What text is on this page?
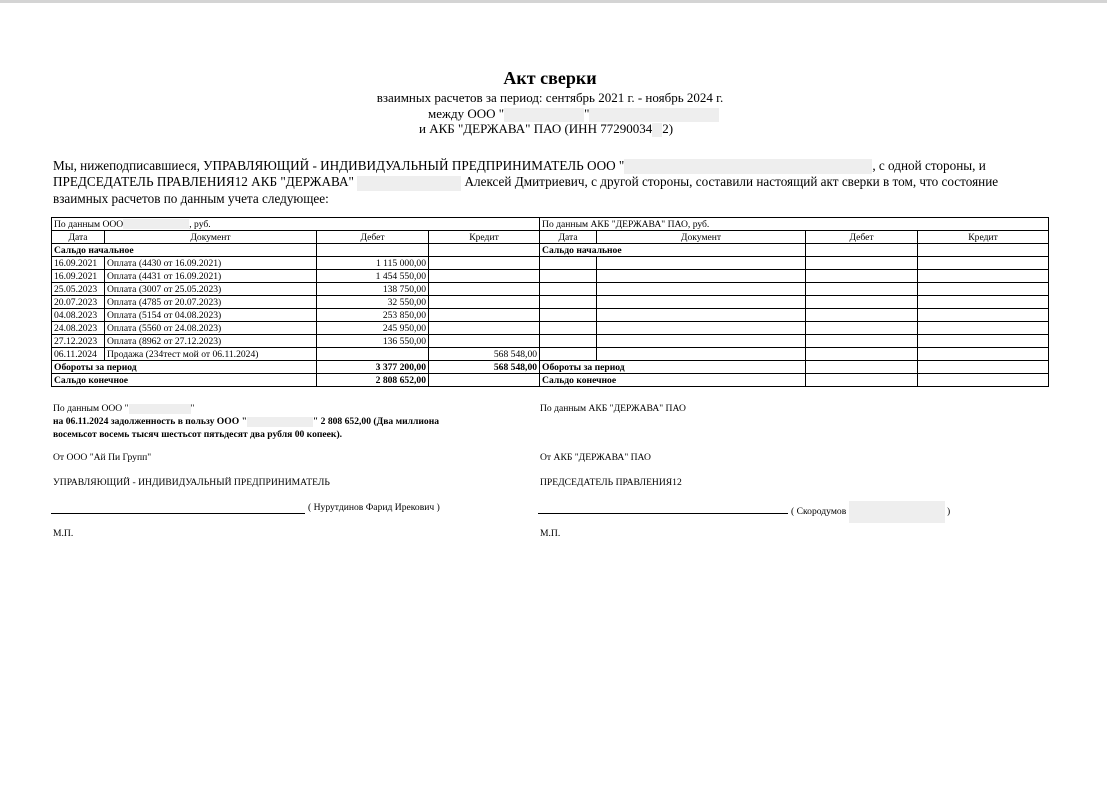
Акт сверки
взаимных расчетов за период: сентябрь 2021 г. - ноябрь 2024 г.
между ООО "	"
и АКБ "ДЕРЖАВА" ПАО (ИНН 77290034 2)
Мы, нижеподписавшиеся, УПРАВЛЯЮЩИЙ - ИНДИВИДУАЛЬНЫЙ ПРЕДПРИНИМАТЕЛЬ ООО "	, с одной стороны, и
ПРЕДСЕДАТЕЛЬ ПРАВЛЕНИЯ12 АКБ "ДЕРЖАВА"	Алексей Дмитриевич, с другой стороны, составили настоящий акт сверки в том, что состояние взаимных расчетов по данным учета следующее:
По данным ООО , руб.				По данным АКБ "ДЕРЖАВА" ПАО, руб.			
Дата	Документ	Дебет	Кредит	Дата	Документ	Дебет	Кредит
Сальдо начальное				Сальдо начальное			
16.09.2021	Оплата (4430 от 16.09.2021)	1 115 000,00					
16.09.2021	Оплата (4431 от 16.09.2021)	1 454 550,00					
25.05.2023	Оплата (3007 от 25.05.2023)	138 750,00					
20.07.2023	Оплата (4785 от 20.07.2023)	32 550,00					
04.08.2023	Оплата (5154 от 04.08.2023)	253 850,00					
24.08.2023	Оплата (5560 от 24.08.2023)	245 950,00					
27.12.2023	Оплата (8962 от 27.12.2023)	136 550,00					
06.11.2024	Продажа (234тест мой от 06.11.2024)		568 548,00				
Обороты за период		3 377 200,00	568 548,00	Обороты за период			
Сальдо конечное		2 808 652,00		Сальдо конечное			
По данным ООО "	"
на 06.11.2024 задолженность в пользу ООО "	" 2 808 652,00 (Два миллиона
восемьсот восемь тысяч шестьсот пятьдесят два рубля 00 копеек).
По данным АКБ "ДЕРЖАВА" ПАО
От ООО "Ай Пи Групп"	От АКБ "ДЕРЖАВА" ПАО
УПРАВЛЯЮЩИЙ - ИНДИВИДУАЛЬНЫЙ ПРЕДПРИНИМАТЕЛЬ	ПРЕДСЕДАТЕЛЬ ПРАВЛЕНИЯ12
( Нурутдинов Фарид Ирекович )	( Скородумов	)
М.П.	М.П.
